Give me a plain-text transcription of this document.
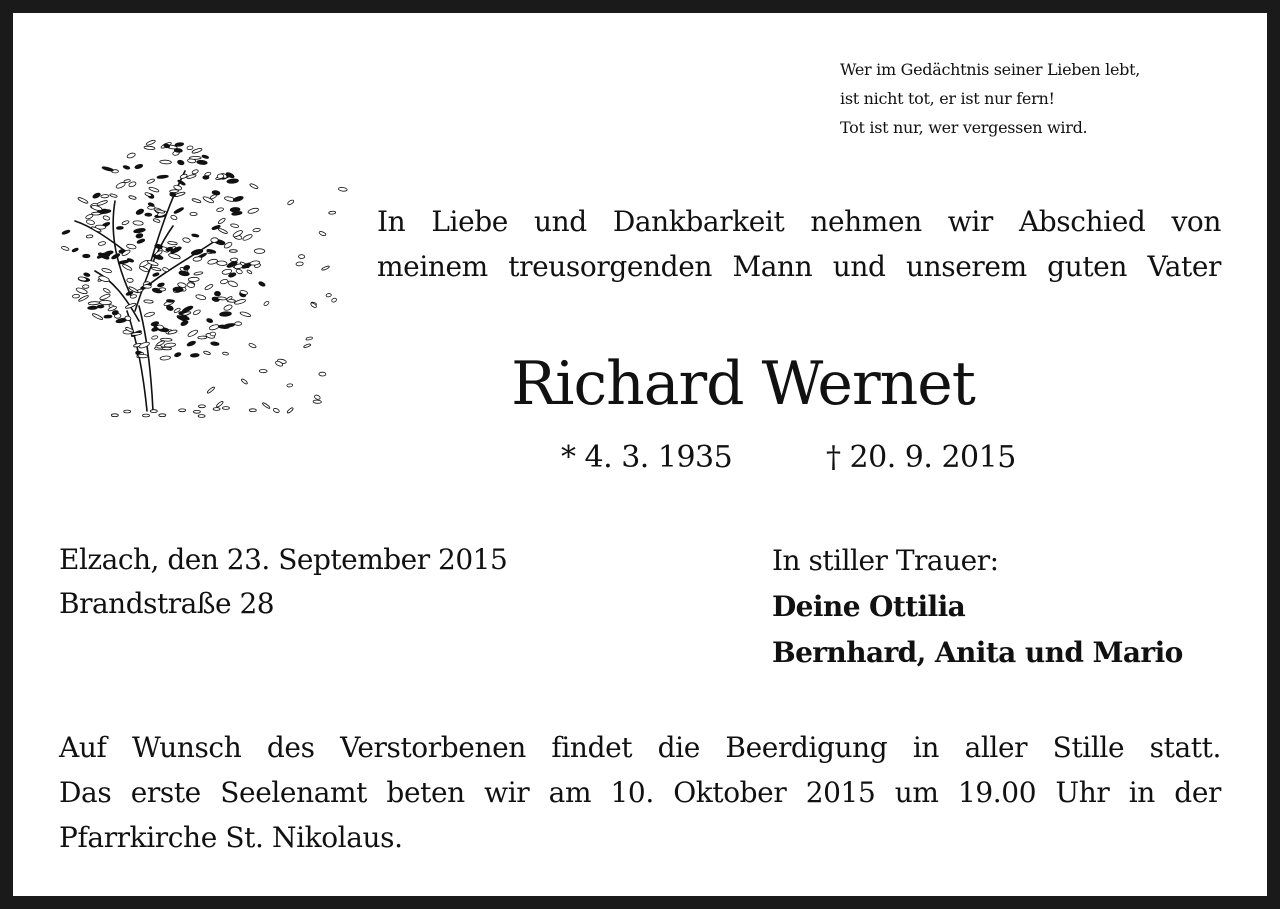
Wer im Gedächtnis seiner Lieben lebt,
ist nicht tot, er ist nur fern!
Tot ist nur, wer vergessen wird.
In Liebe und Dankbarkeit nehmen wir Abschied von
meinem treusorgenden Mann und unserem guten Vater
Richard Wernet
* 4. 3. 1935	† 20. 9. 2015
Elzach, den 23. September 2015
Brandstraße 28
In stiller Trauer:
Deine Ottilia
Bernhard, Anita und Mario
Auf Wunsch des Verstorbenen findet die Beerdigung in aller Stille statt.
Das erste Seelenamt beten wir am 10. Oktober 2015 um 19.00 Uhr in der
Pfarrkirche St. Nikolaus.
